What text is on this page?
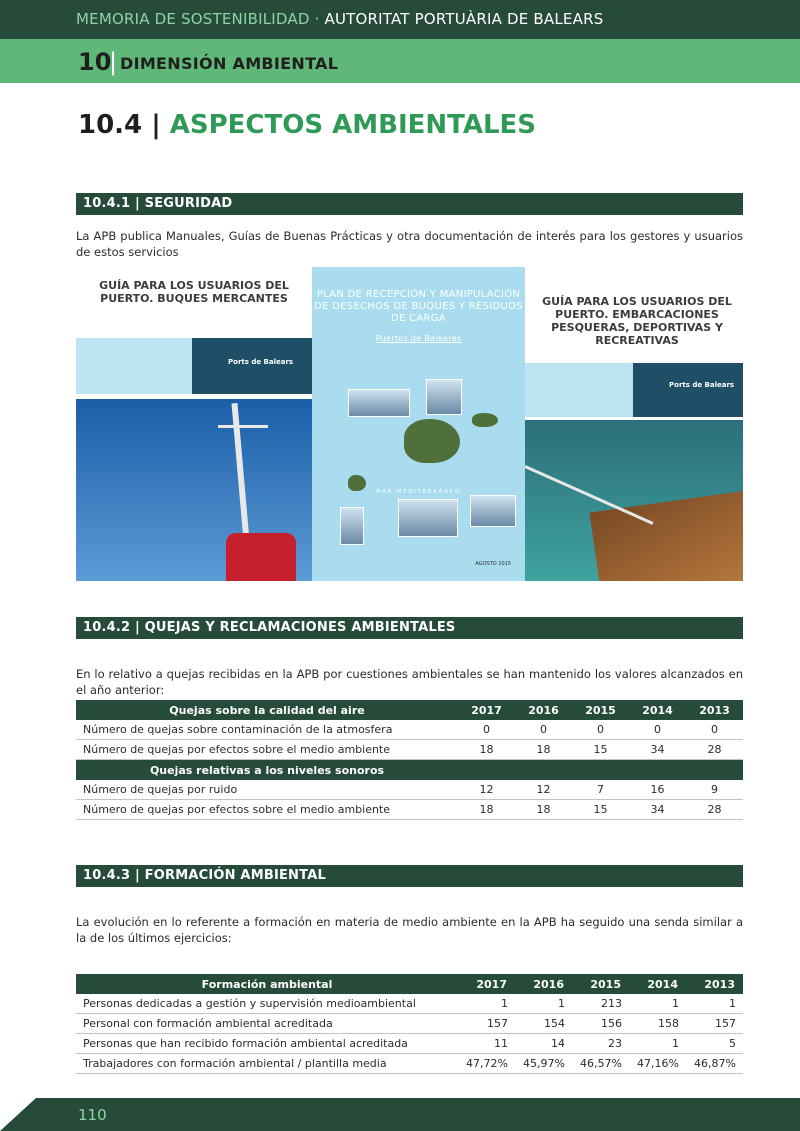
MEMORIA DE SOSTENIBILIDAD · AUTORITAT PORTUÀRIA DE BALEARS
10
| DIMENSIÓN AMBIENTAL
10.4 | ASPECTOS AMBIENTALES
10.4.1 | SEGURIDAD
La APB publica Manuales, Guías de Buenas Prácticas y otra documentación de interés para los gestores y usuarios de estos servicios
GUÍA PARA LOS USUARIOS DEL PUERTO. BUQUES MERCANTES
Ports de Balears
PLAN DE RECEPCIÓN Y MANIPULACIÓN DE DESECHOS DE BUQUES Y RESIDUOS DE CARGA
Puertos de Baleares
MAR MEDITERRÁNEO
AGOSTO 2015
GUÍA PARA LOS USUARIOS DEL PUERTO. EMBARCACIONES PESQUERAS, DEPORTIVAS Y RECREATIVAS
Ports de Balears
10.4.2 | QUEJAS Y RECLAMACIONES AMBIENTALES
En lo relativo a quejas recibidas en la APB por cuestiones ambientales se han mantenido los valores alcanzados en el año anterior:
Quejas sobre la calidad del aire	2017	2016	2015	2014	2013
Número de quejas sobre contaminación de la atmosfera	0	0	0	0	0
Número de quejas por efectos sobre el medio ambiente	18	18	15	34	28
Quejas relativas a los niveles sonoros					
Número de quejas por ruido	12	12	7	16	9
Número de quejas por efectos sobre el medio ambiente	18	18	15	34	28
10.4.3 | FORMACIÓN AMBIENTAL
La evolución en lo referente a formación en materia de medio ambiente en la APB ha seguido una senda similar a la de los últimos ejercicios:
Formación ambiental	2017	2016	2015	2014	2013
Personas dedicadas a gestión y supervisión medioambiental	1	1	213	1	1
Personal con formación ambiental acreditada	157	154	156	158	157
Personas que han recibido formación ambiental acreditada	11	14	23	1	5
Trabajadores con formación ambiental / plantilla media	47,72%	45,97%	46,57%	47,16%	46,87%
110
